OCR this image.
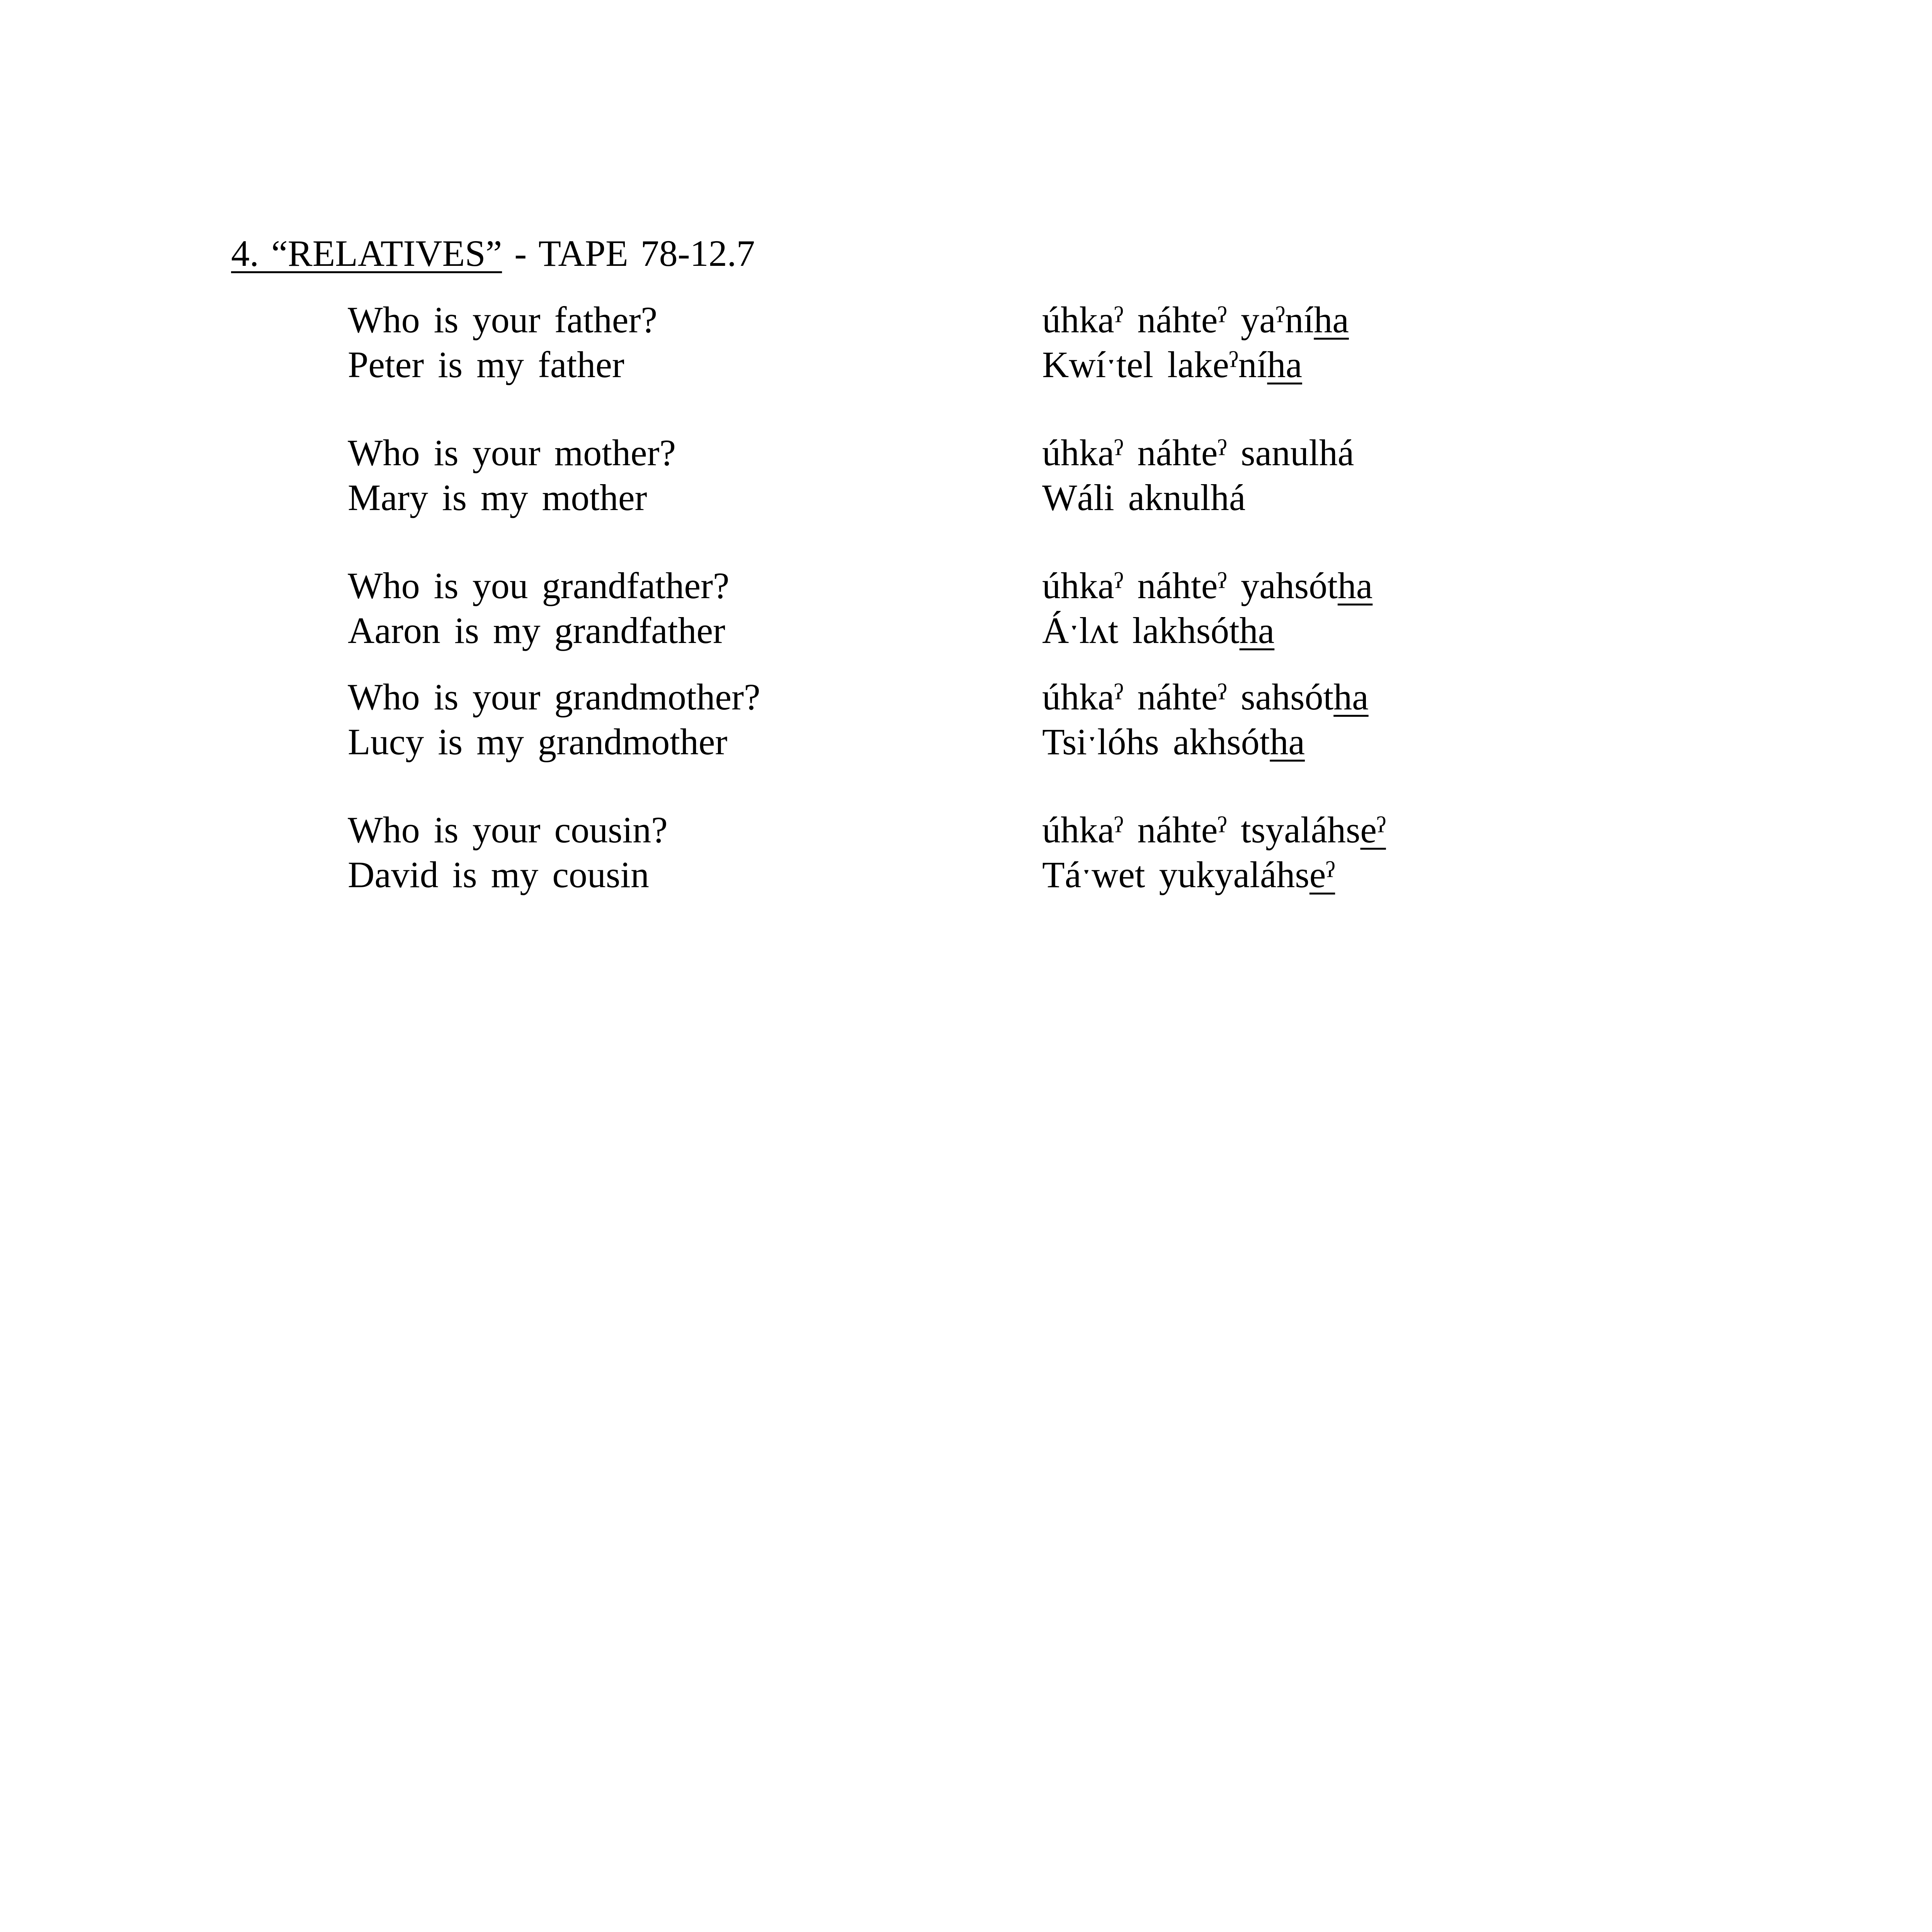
4. “RELATIVES” - TAPE 78-12.7
Who is your father?	úhkaˀ náhteˀ yaˀníha
Peter is my father	Kwíˑtel lakeˀníha
Who is your mother?	úhkaˀ náhteˀ sanulhá
Mary is my mother	Wáli aknulhá
Who is you grandfather?	úhkaˀ náhteˀ yahsótha
Aaron is my grandfather	Áˑlʌt lakhsótha
Who is your grandmother?	úhkaˀ náhteˀ sahsótha
Lucy is my grandmother	Tsiˑlóhs akhsótha
Who is your cousin?	úhkaˀ náhteˀ tsyaláhseˀ
David is my cousin	Táˑwet yukyaláhseˀ
